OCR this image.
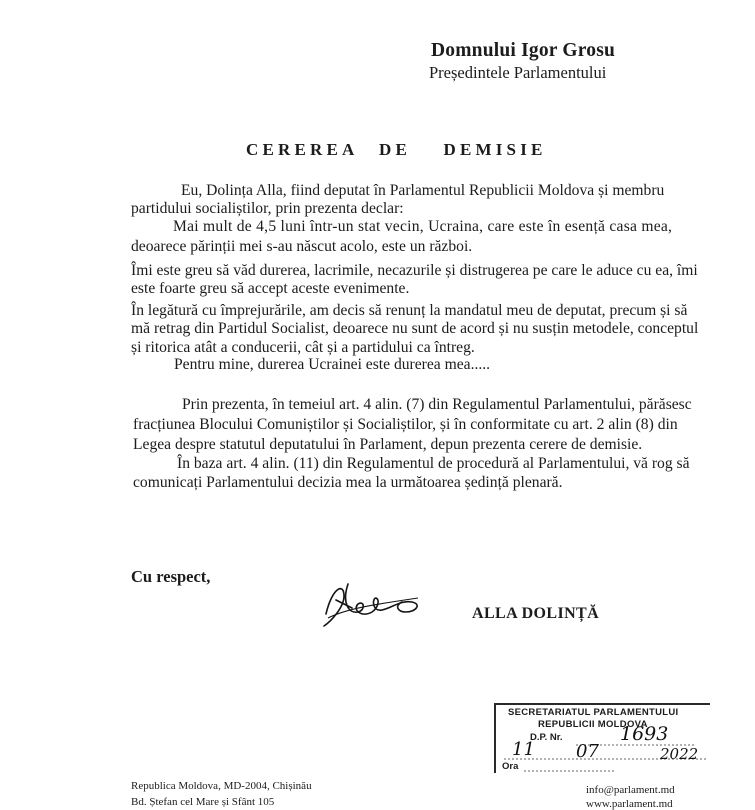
Domnului Igor Grosu
Președintele Parlamentului
CEREREA DE DEMISIE
Eu, Dolința Alla, fiind deputat în Parlamentul Republicii Moldova și membru
partidului socialiștilor, prin prezenta declar:
Mai mult de 4,5 luni într-un stat vecin, Ucraina, care este în esență casa mea,
deoarece părinții mei s-au născut acolo, este un război.
Îmi este greu să văd durerea, lacrimile, necazurile și distrugerea pe care le aduce cu ea, îmi
este foarte greu să accept aceste evenimente.
În legătură cu împrejurările, am decis să renunț la mandatul meu de deputat, precum și să
mă retrag din Partidul Socialist, deoarece nu sunt de acord și nu susțin metodele, conceptul
și ritorica atât a conducerii, cât și a partidului ca întreg.
Pentru mine, durerea Ucrainei este durerea mea.....
Prin prezenta, în temeiul art. 4 alin. (7) din Regulamentul Parlamentului, părăsesc
fracțiunea Blocului Comuniștilor și Socialiștilor, și în conformitate cu art. 2 alin (8) din
Legea despre statutul deputatului în Parlament, depun prezenta cerere de demisie.
În baza art. 4 alin. (11) din Regulamentul de procedură al Parlamentului, vă rog să
comunicați Parlamentului decizia mea la următoarea ședință plenară.
Cu respect,
ALLA DOLINȚĂ
SECRETARIATUL PARLAMENTULUI
REPUBLICII MOLDOVA
D.P. Nr.
Ora
1693
11 07	2022
Republica Moldova, MD-2004, Chișinău
Bd. Ștefan cel Mare și Sfânt 105
info@parlament.md
www.parlament.md
